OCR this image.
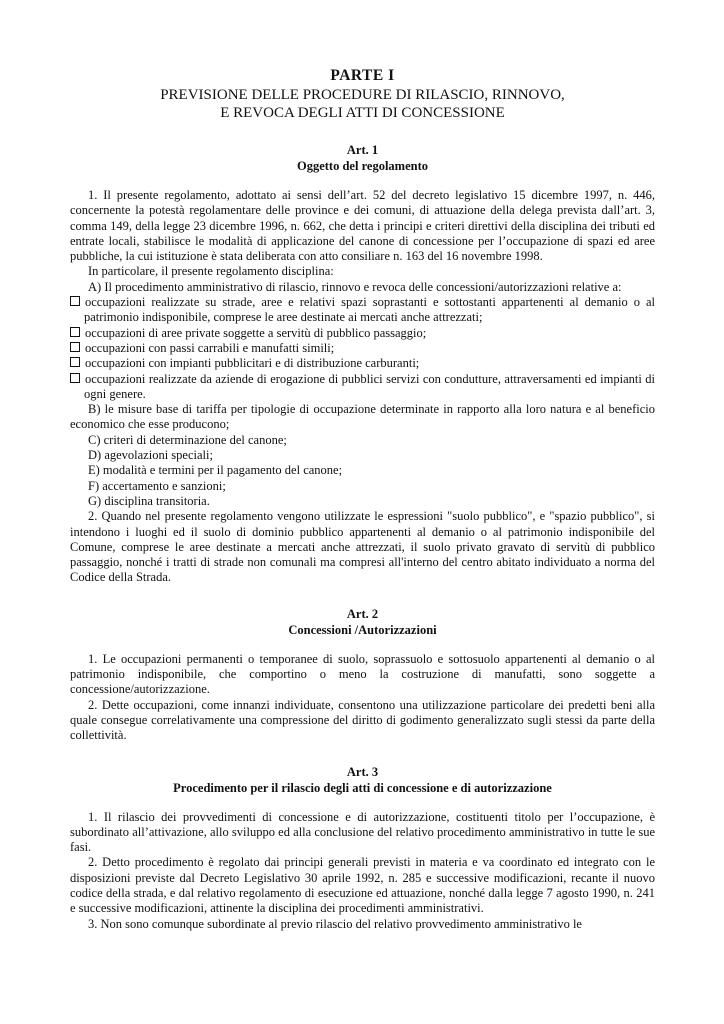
PARTE I
PREVISIONE DELLE PROCEDURE DI RILASCIO, RINNOVO,
E REVOCA DEGLI ATTI DI CONCESSIONE
Art. 1
Oggetto del regolamento

1. Il presente regolamento, adottato ai sensi dell’art. 52 del decreto legislativo 15 dicembre 1997, n. 446, concernente la potestà regolamentare delle province e dei comuni, di attuazione della delega prevista dall’art. 3, comma 149, della legge 23 dicembre 1996, n. 662, che detta i principi e criteri direttivi della disciplina dei tributi ed entrate locali, stabilisce le modalità di applicazione del canone di concessione per l’occupazione di spazi ed aree pubbliche, la cui istituzione è stata deliberata con atto consiliare n. 163 del 16 novembre 1998.

In particolare, il presente regolamento disciplina:

A) Il procedimento amministrativo di rilascio, rinnovo e revoca delle concessioni/autorizzazioni relative a:

occupazioni realizzate su strade, aree e relativi spazi soprastanti e sottostanti appartenenti al demanio o al patrimonio indisponibile, comprese le aree destinate ai mercati anche attrezzati;

occupazioni di aree private soggette a servitù di pubblico passaggio;

occupazioni con passi carrabili e manufatti simili;

occupazioni con impianti pubblicitari e di distribuzione carburanti;

occupazioni realizzate da aziende di erogazione di pubblici servizi con condutture, attraversamenti ed impianti di ogni genere.

B) le misure base di tariffa per tipologie di occupazione determinate in rapporto alla loro natura e al beneficio economico che esse producono;

C) criteri di determinazione del canone;

D) agevolazioni speciali;

E) modalità e termini per il pagamento del canone;

F) accertamento e sanzioni;

G) disciplina transitoria.

2. Quando nel presente regolamento vengono utilizzate le espressioni "suolo pubblico", e "spazio pubblico", si intendono i luoghi ed il suolo di dominio pubblico appartenenti al demanio o al patrimonio indisponibile del Comune, comprese le aree destinate a mercati anche attrezzati, il suolo privato gravato di servitù di pubblico passaggio, nonché i tratti di strade non comunali ma compresi all'interno del centro abitato individuato a norma del Codice della Strada.

Art. 2
Concessioni /Autorizzazioni

1. Le occupazioni permanenti o temporanee di suolo, soprassuolo e sottosuolo appartenenti al demanio o al patrimonio indisponibile, che comportino o meno la costruzione di manufatti, sono soggette a concessione/autorizzazione.

2. Dette occupazioni, come innanzi individuate, consentono una utilizzazione particolare dei predetti beni alla quale consegue correlativamente una compressione del diritto di godimento generalizzato sugli stessi da parte della collettività.

Art. 3
Procedimento per il rilascio degli atti di concessione e di autorizzazione

1. Il rilascio dei provvedimenti di concessione e di autorizzazione, costituenti titolo per l’occupazione, è subordinato all’attivazione, allo sviluppo ed alla conclusione del relativo procedimento amministrativo in tutte le sue fasi.

2. Detto procedimento è regolato dai principi generali previsti in materia e va coordinato ed integrato con le disposizioni previste dal Decreto Legislativo 30 aprile 1992, n. 285 e successive modificazioni, recante il nuovo codice della strada, e dal relativo regolamento di esecuzione ed attuazione, nonché dalla legge 7 agosto 1990, n. 241 e successive modificazioni, attinente la disciplina dei procedimenti amministrativi.

3. Non sono comunque subordinate al previo rilascio del relativo provvedimento amministrativo le
